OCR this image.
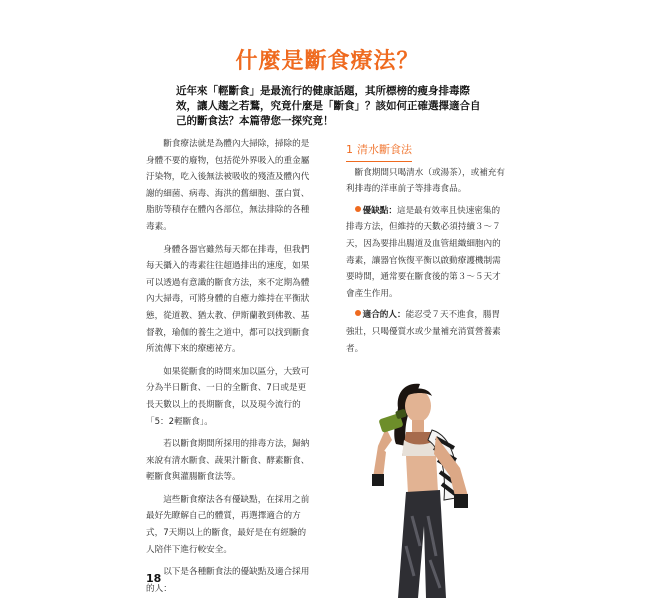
什麼是斷食療法？

近年來「輕斷食」是最流行的健康話題，其所標榜的瘦身排毒際效，讓人趨之若鶩，究竟什麼是「斷食」？該如何正確選擇適合自己的斷食法？本篇帶您一探究竟！

斷食療法就是為體內大掃除，掃除的是身體不要的廢物，包括從外界吸入的重金屬汙染物，吃入後無法被吸收的殘渣及體內代謝的細菌、病毒、海洪的舊細胞、蛋白質、脂肪等積存在體內各部位，無法排除的各種毒素。

身體各器官雖然每天都在排毒，但我們每天攝入的毒素往往超過排出的速度，如果可以透過有意識的斷食方法，來不定期為體內大掃毒，可將身體的自癒力維持在平衡狀態，從道教、猶太教、伊斯蘭教到佛教、基督教，瑜伽的養生之道中，都可以找到斷食所流傳下來的療癒祕方。

如果從斷食的時間來加以區分，大致可分為半日斷食、一日的全斷食、7日或是更長天數以上的長期斷食，以及現今流行的「5：2輕斷食」。

若以斷食期間所採用的排毒方法，歸納來說有清水斷食、蔬果汁斷食、酵素斷食、輕斷食與灌腸斷食法等。

這些斷食療法各有優缺點，在採用之前最好先瞭解自己的體質，再選擇適合的方式，7天期以上的斷食，最好是在有經驗的人陪伴下進行較安全。

以下是各種斷食法的優缺點及適合採用的人：

1 清水斷食法

斷食期間只喝清水（或湯茶），或補充有利排毒的洋車前子等排毒食品。

優缺點：這是最有效率且快速密集的排毒方法，但維持的天數必須持續３～７天，因為要排出腸道及血管組織細胞內的毒素，讓器官恢復平衡以啟動療護機制需要時間，通常要在斷食後的第３～５天才會產生作用。

適合的人：能忍受７天不進食，腸胃強壯，只喝優質水或少量補充消質營養素者。

18
